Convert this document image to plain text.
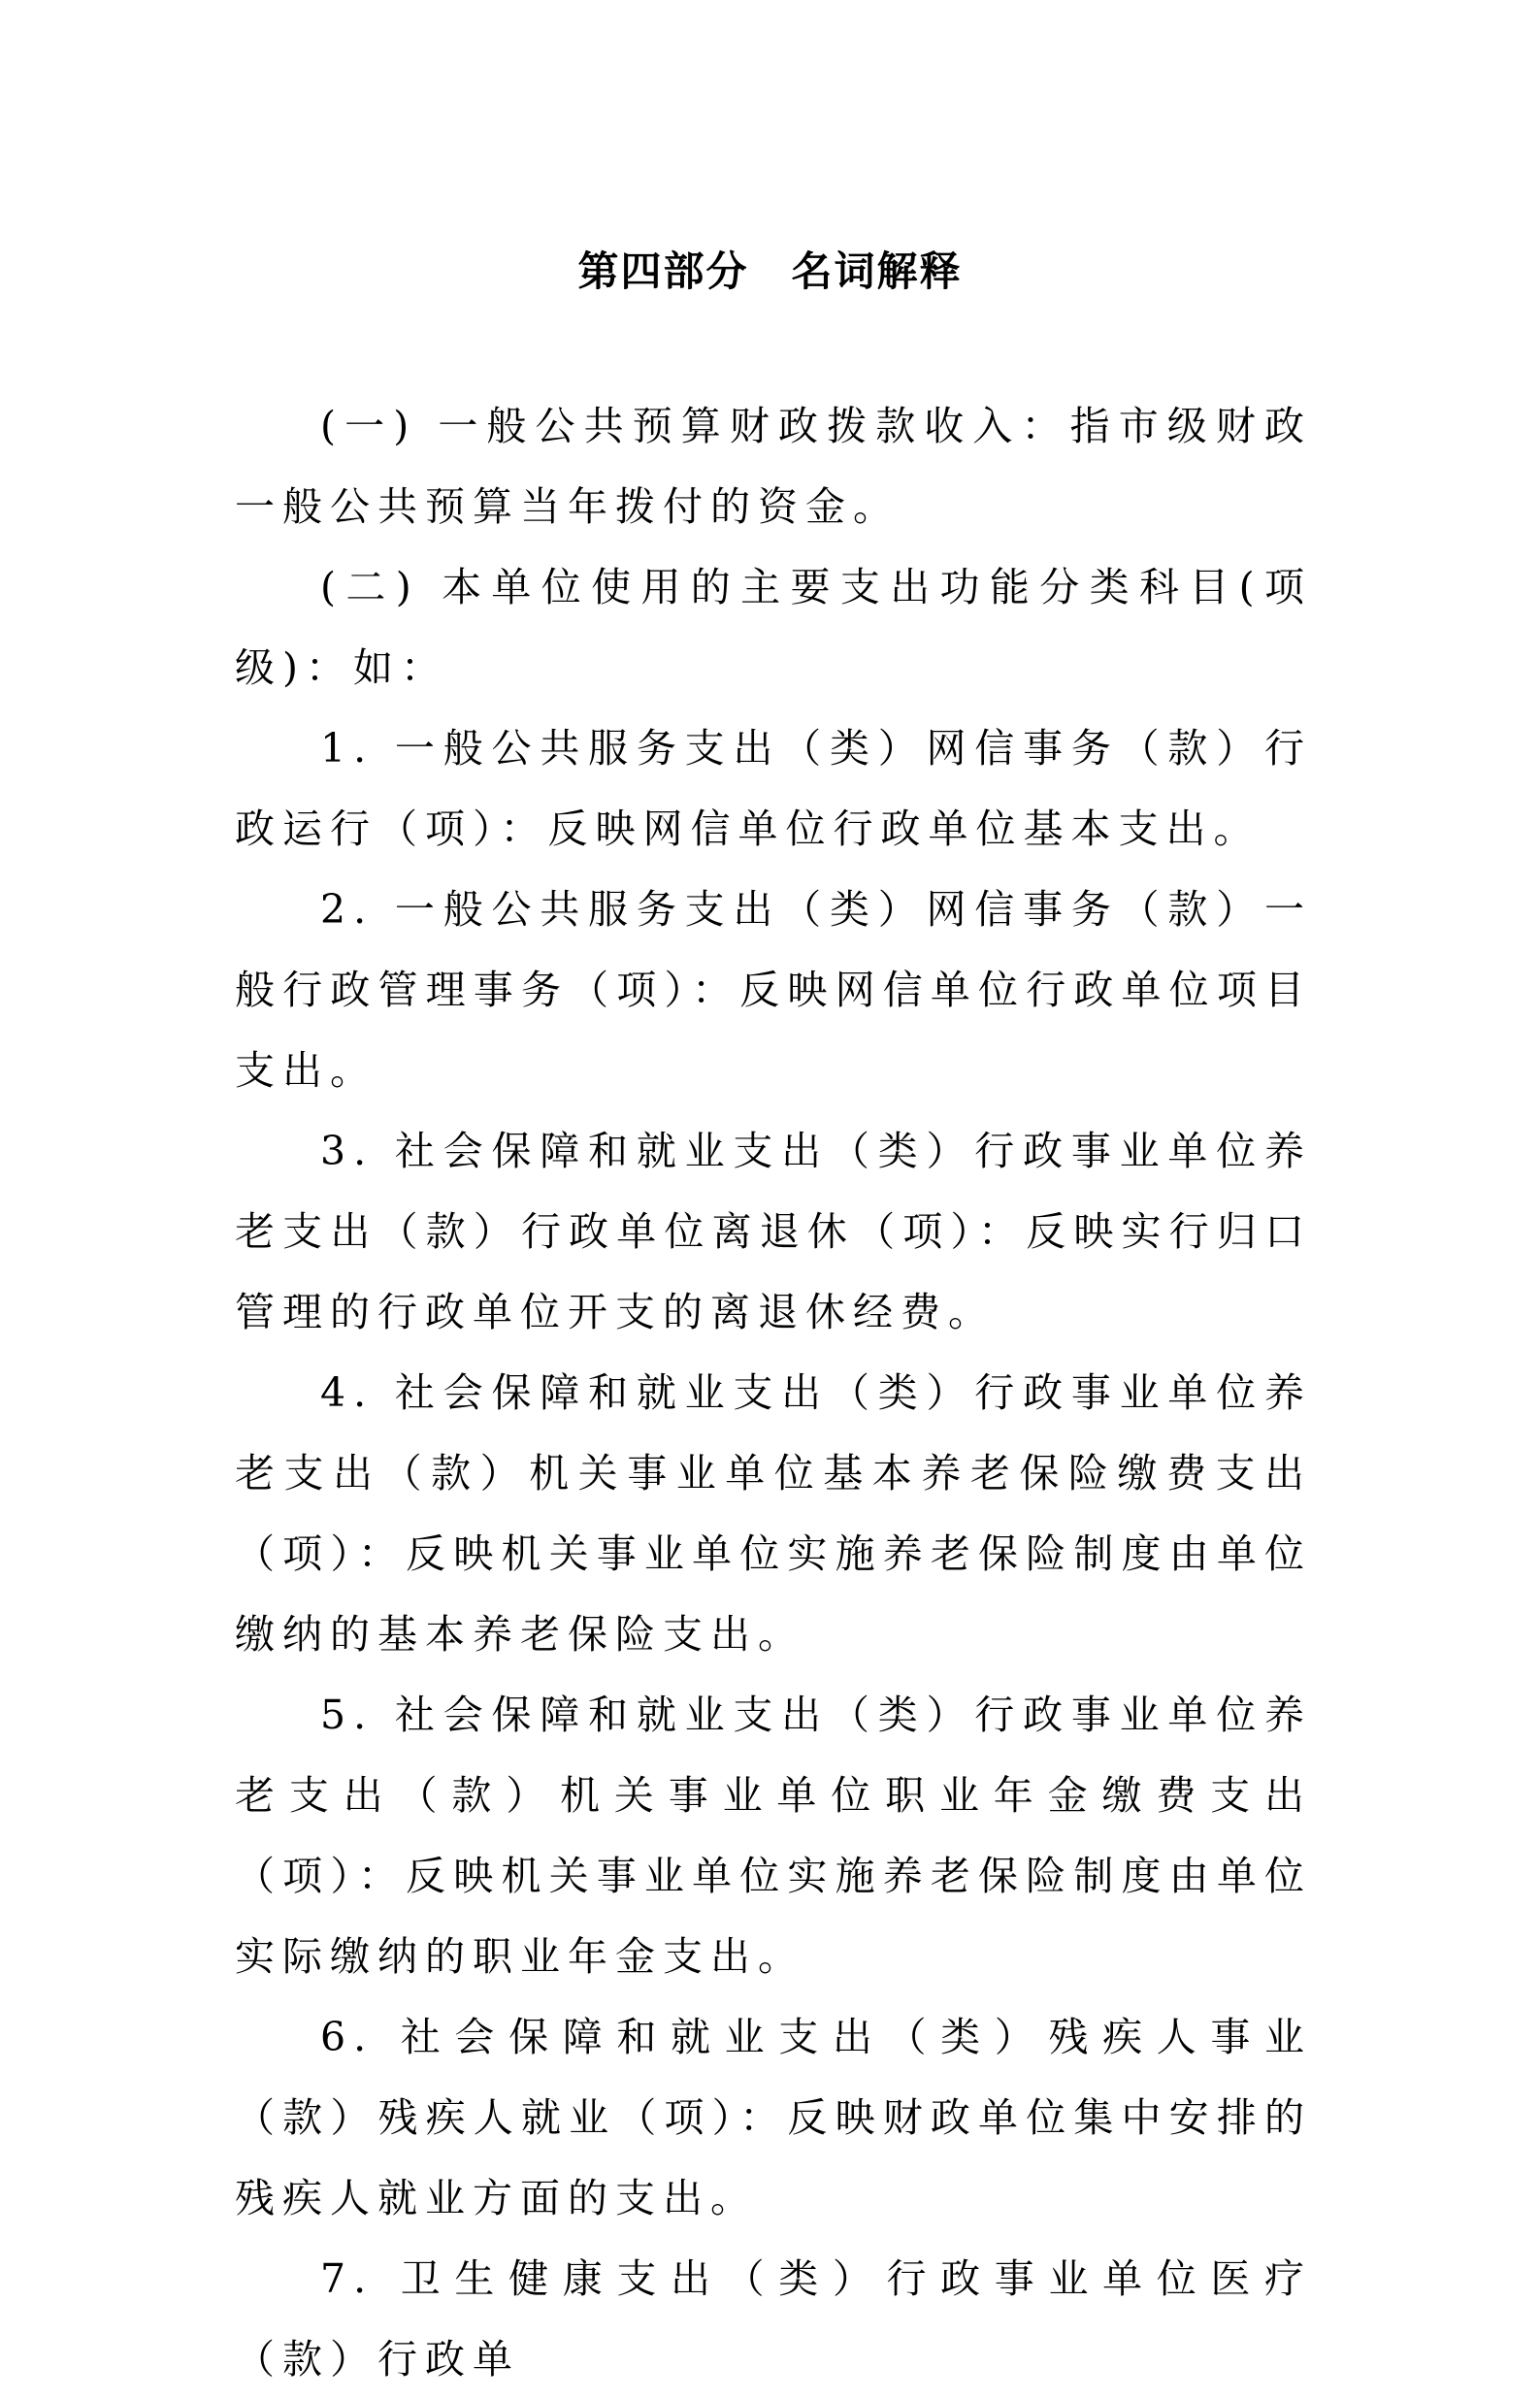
第四部分　名词解释

(一) 一般公共预算财政拨款收入：指市级财政一般公共预算当年拨付的资金。

(二) 本单位使用的主要支出功能分类科目(项级)：如：

1. 一般公共服务支出（类）网信事务（款）行政运行（项）：反映网信单位行政单位基本支出。

2. 一般公共服务支出（类）网信事务（款）一般行政管理事务（项）：反映网信单位行政单位项目支出。

3. 社会保障和就业支出（类）行政事业单位养老支出（款）行政单位离退休（项）：反映实行归口管理的行政单位开支的离退休经费。

4. 社会保障和就业支出（类）行政事业单位养老支出（款）机关事业单位基本养老保险缴费支出（项）：反映机关事业单位实施养老保险制度由单位缴纳的基本养老保险支出。

5. 社会保障和就业支出（类）行政事业单位养老支出（款）机关事业单位职业年金缴费支出（项）：反映机关事业单位实施养老保险制度由单位实际缴纳的职业年金支出。

6. 社会保障和就业支出（类）残疾人事业（款）残疾人就业（项）：反映财政单位集中安排的残疾人就业方面的支出。

7. 卫生健康支出（类）行政事业单位医疗（款）行政单
